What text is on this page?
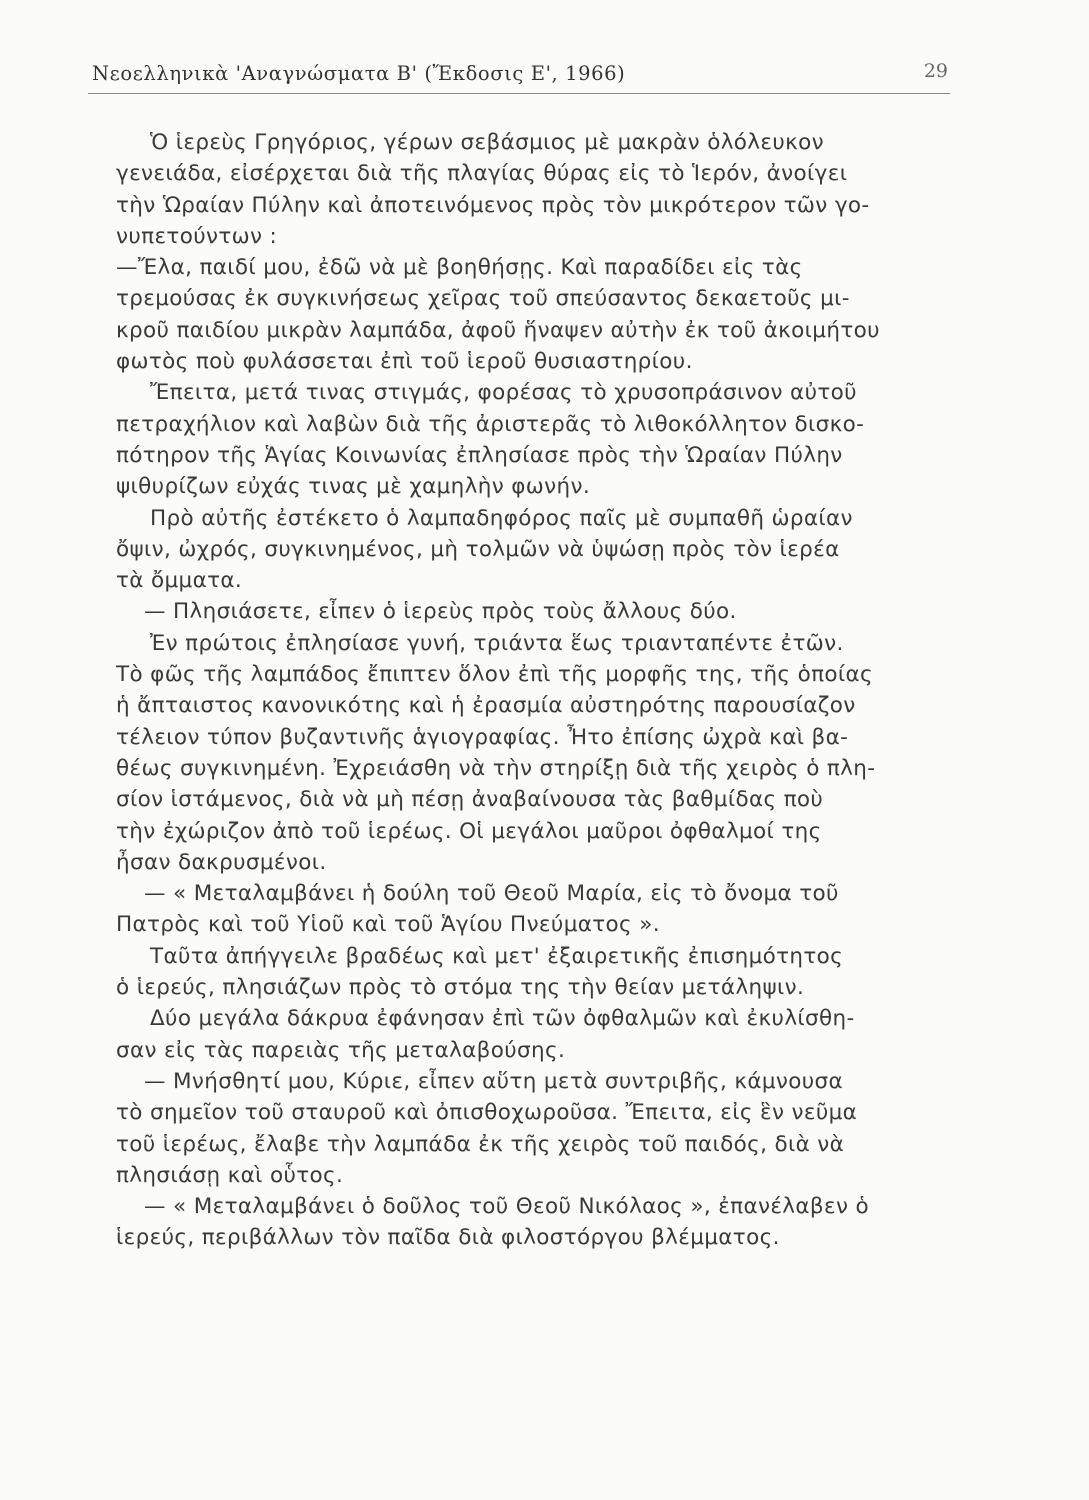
Νεοελληνικὰ 'Αναγνώσματα Β' (Ἔκδοσις Ε', 1966)	29
Ὁ ἱερεὺς Γρηγόριος, γέρων σεβάσμιος μὲ μακρὰν ὁλόλευκον
γενειάδα, εἰσέρχεται διὰ τῆς πλαγίας θύρας εἰς τὸ Ἱερόν, ἀνοίγει
τὴν Ὡραίαν Πύλην καὶ ἀποτεινόμενος πρὸς τὸν μικρότερον τῶν γο-
νυπετούντων :
—Ἔλα, παιδί μου, ἐδῶ νὰ μὲ βοηθήσῃς. Καὶ παραδίδει εἰς τὰς
τρεμούσας ἐκ συγκινήσεως χεῖρας τοῦ σπεύσαντος δεκαετοῦς μι-
κροῦ παιδίου μικρὰν λαμπάδα, ἀφοῦ ἥναψεν αὐτὴν ἐκ τοῦ ἀκοιμήτου
φωτὸς ποὺ φυλάσσεται ἐπὶ τοῦ ἱεροῦ θυσιαστηρίου.
Ἔπειτα, μετά τινας στιγμάς, φορέσας τὸ χρυσοπράσινον αὐτοῦ
πετραχήλιον καὶ λαβὼν διὰ τῆς ἀριστερᾶς τὸ λιθοκόλλητον δισκο-
πότηρον τῆς Ἁγίας Κοινωνίας ἐπλησίασε πρὸς τὴν Ὡραίαν Πύλην
ψιθυρίζων εὐχάς τινας μὲ χαμηλὴν φωνήν.
Πρὸ αὐτῆς ἐστέκετο ὁ λαμπαδηφόρος παῖς μὲ συμπαθῆ ὡραίαν
ὄψιν, ὠχρός, συγκινημένος, μὴ τολμῶν νὰ ὑψώσῃ πρὸς τὸν ἱερέα
τὰ ὄμματα.
— Πλησιάσετε, εἶπεν ὁ ἱερεὺς πρὸς τοὺς ἄλλους δύο.
Ἐν πρώτοις ἐπλησίασε γυνή, τριάντα ἕως τριανταπέντε ἐτῶν.
Τὸ φῶς τῆς λαμπάδος ἔπιπτεν ὅλον ἐπὶ τῆς μορφῆς της, τῆς ὁποίας
ἡ ἄπταιστος κανονικότης καὶ ἡ ἐρασμία αὐστηρότης παρουσίαζον
τέλειον τύπον βυζαντινῆς ἁγιογραφίας. Ἦτο ἐπίσης ὠχρὰ καὶ βα-
θέως συγκινημένη. Ἐχρειάσθη νὰ τὴν στηρίξῃ διὰ τῆς χειρὸς ὁ πλη-
σίον ἱστάμενος, διὰ νὰ μὴ πέσῃ ἀναβαίνουσα τὰς βαθμίδας ποὺ
τὴν ἐχώριζον ἀπὸ τοῦ ἱερέως. Οἱ μεγάλοι μαῦροι ὀφθαλμοί της
ἦσαν δακρυσμένοι.
— « Μεταλαμβάνει ἡ δούλη τοῦ Θεοῦ Μαρία, εἰς τὸ ὄνομα τοῦ
Πατρὸς καὶ τοῦ Υἱοῦ καὶ τοῦ Ἁγίου Πνεύματος ».
Ταῦτα ἀπήγγειλε βραδέως καὶ μετ' ἐξαιρετικῆς ἐπισημότητος
ὁ ἱερεύς, πλησιάζων πρὸς τὸ στόμα της τὴν θείαν μετάληψιν.
Δύο μεγάλα δάκρυα ἐφάνησαν ἐπὶ τῶν ὀφθαλμῶν καὶ ἐκυλίσθη-
σαν εἰς τὰς παρειὰς τῆς μεταλαβούσης.
— Μνήσθητί μου, Κύριε, εἶπεν αὕτη μετὰ συντριβῆς, κάμνουσα
τὸ σημεῖον τοῦ σταυροῦ καὶ ὀπισθοχωροῦσα. Ἔπειτα, εἰς ἓν νεῦμα
τοῦ ἱερέως, ἔλαβε τὴν λαμπάδα ἐκ τῆς χειρὸς τοῦ παιδός, διὰ νὰ
πλησιάσῃ καὶ οὗτος.
— « Μεταλαμβάνει ὁ δοῦλος τοῦ Θεοῦ Νικόλαος », ἐπανέλαβεν ὁ
ἱερεύς, περιβάλλων τὸν παῖδα διὰ φιλοστόργου βλέμματος.
